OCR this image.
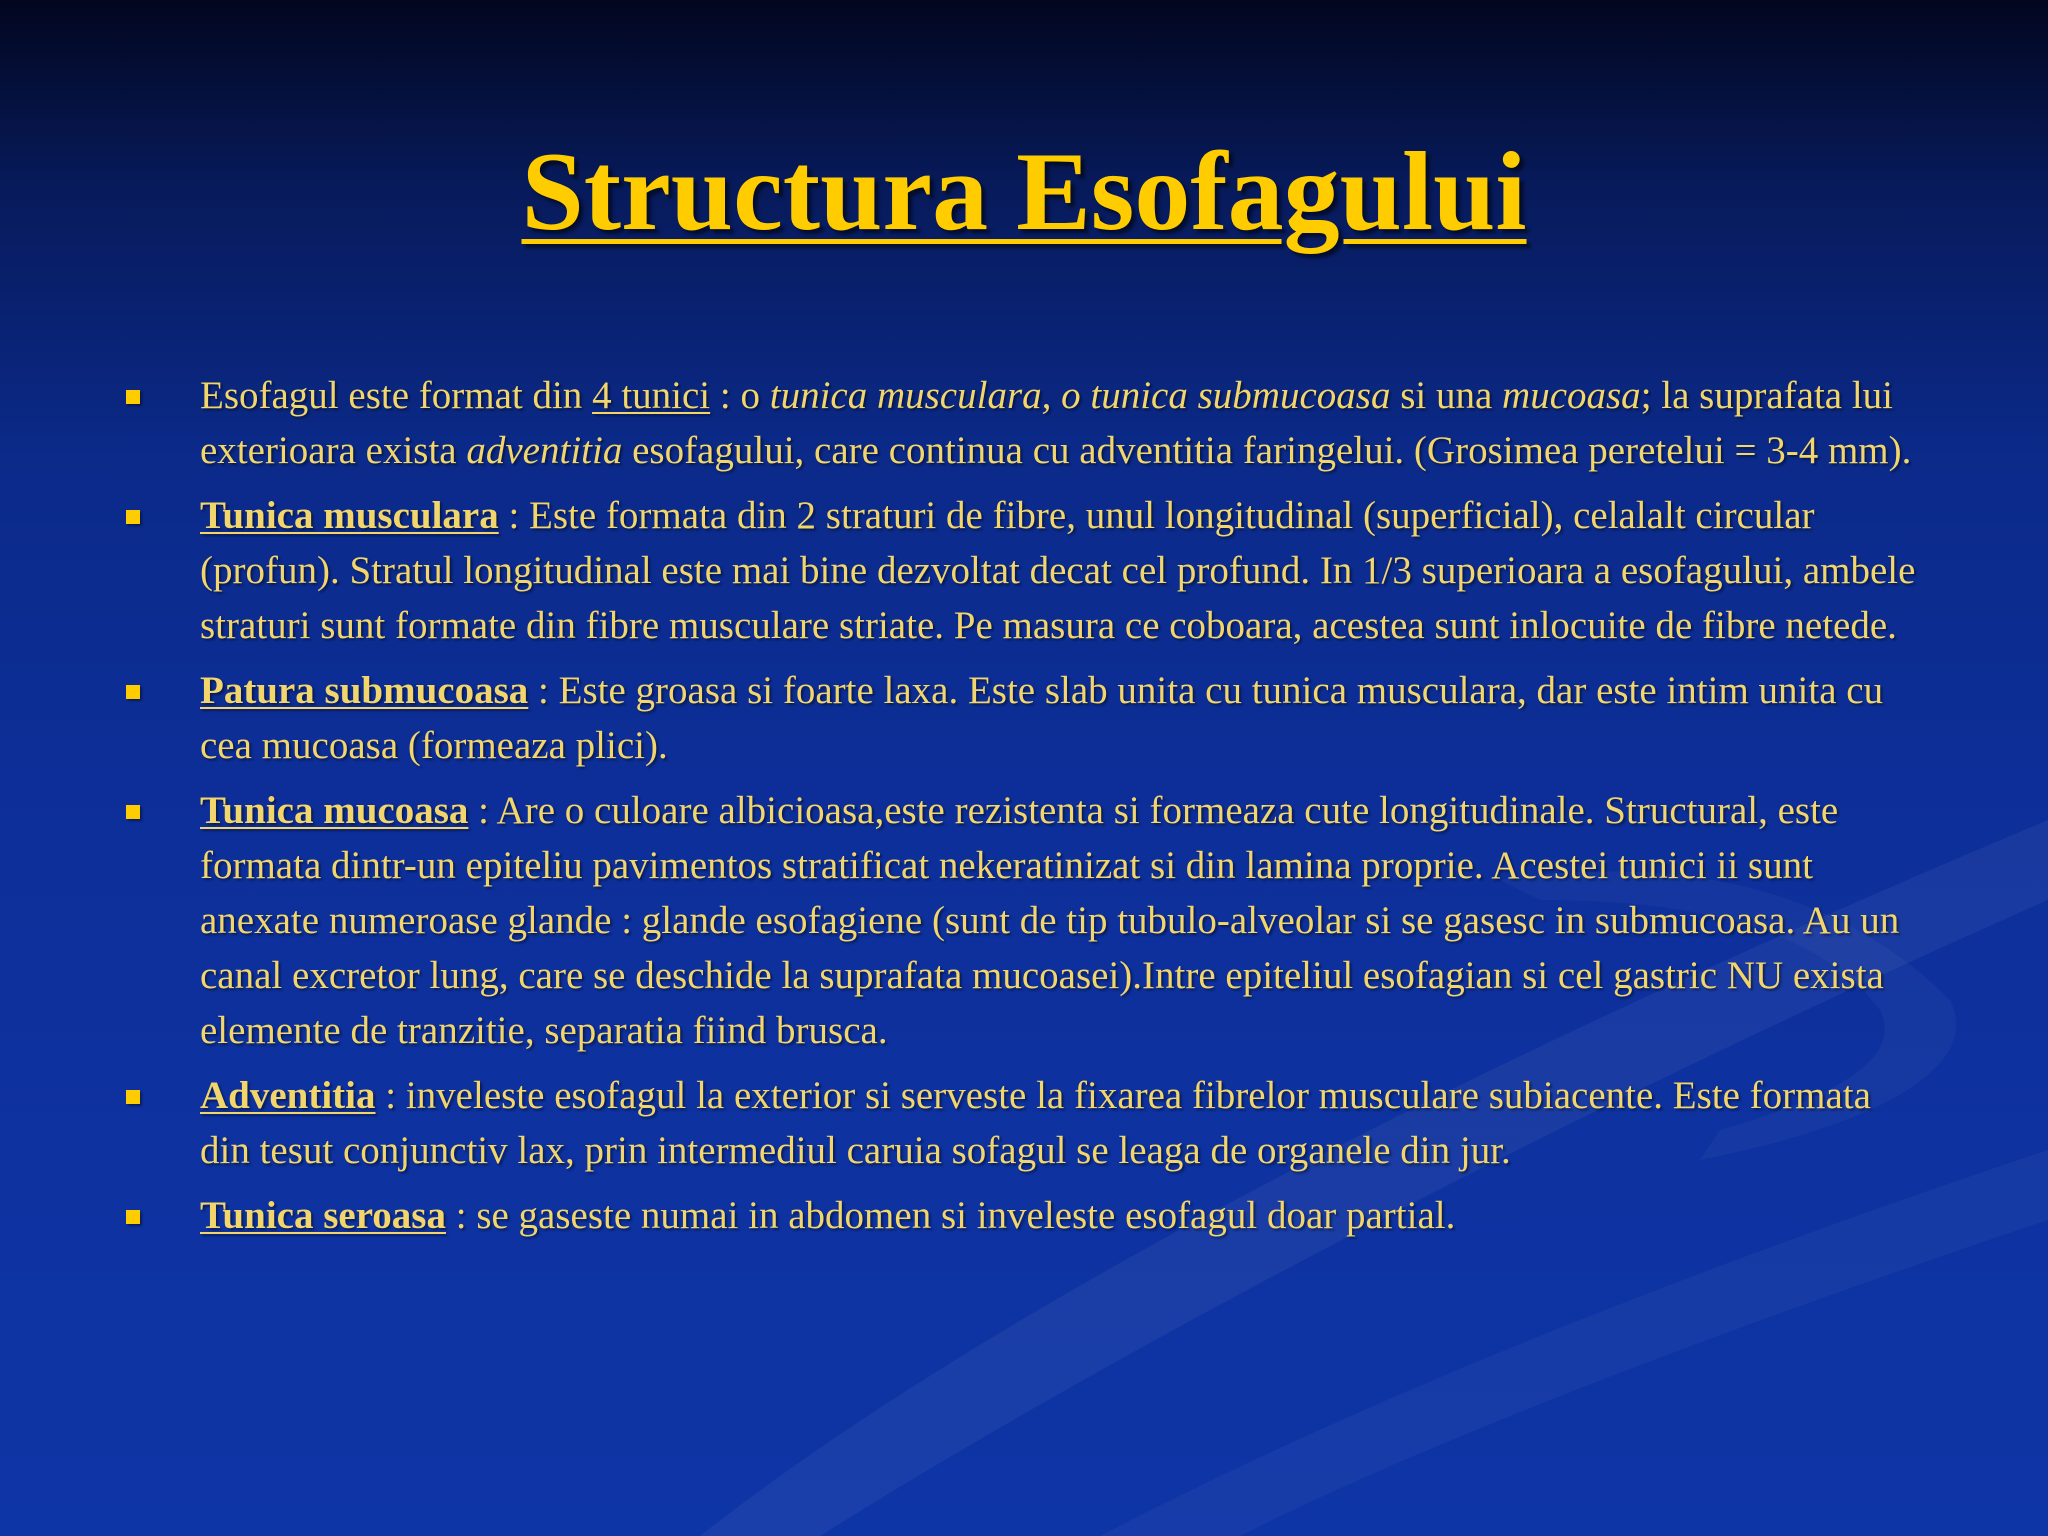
Structura Esofagului
Esofagul este format din 4 tunici : o tunica musculara, o tunica submucoasa si una mucoasa; la suprafata lui exterioara exista adventitia esofagului, care continua cu adventitia faringelui. (Grosimea peretelui = 3-4 mm).
Tunica musculara : Este formata din 2 straturi de fibre, unul longitudinal (superficial), celalalt circular (profun). Stratul longitudinal este mai bine dezvoltat decat cel profund. In 1/3 superioara a esofagului, ambele straturi sunt formate din fibre musculare striate. Pe masura ce coboara, acestea sunt inlocuite de fibre netede.
Patura submucoasa : Este groasa si foarte laxa. Este slab unita cu tunica musculara, dar este intim unita cu cea mucoasa (formeaza plici).
Tunica mucoasa : Are o culoare albicioasa,este rezistenta si formeaza cute longitudinale. Structural, este formata dintr-un epiteliu pavimentos stratificat nekeratinizat si din lamina proprie. Acestei tunici ii sunt anexate numeroase glande : glande esofagiene (sunt de tip tubulo-alveolar si se gasesc in submucoasa. Au un canal excretor lung, care se deschide la suprafata mucoasei).Intre epiteliul esofagian si cel gastric NU exista elemente de tranzitie, separatia fiind brusca.
Adventitia : inveleste esofagul la exterior si serveste la fixarea fibrelor musculare subiacente. Este formata din tesut conjunctiv lax, prin intermediul caruia sofagul se leaga de organele din jur.
Tunica seroasa : se gaseste numai in abdomen si inveleste esofagul doar partial.
